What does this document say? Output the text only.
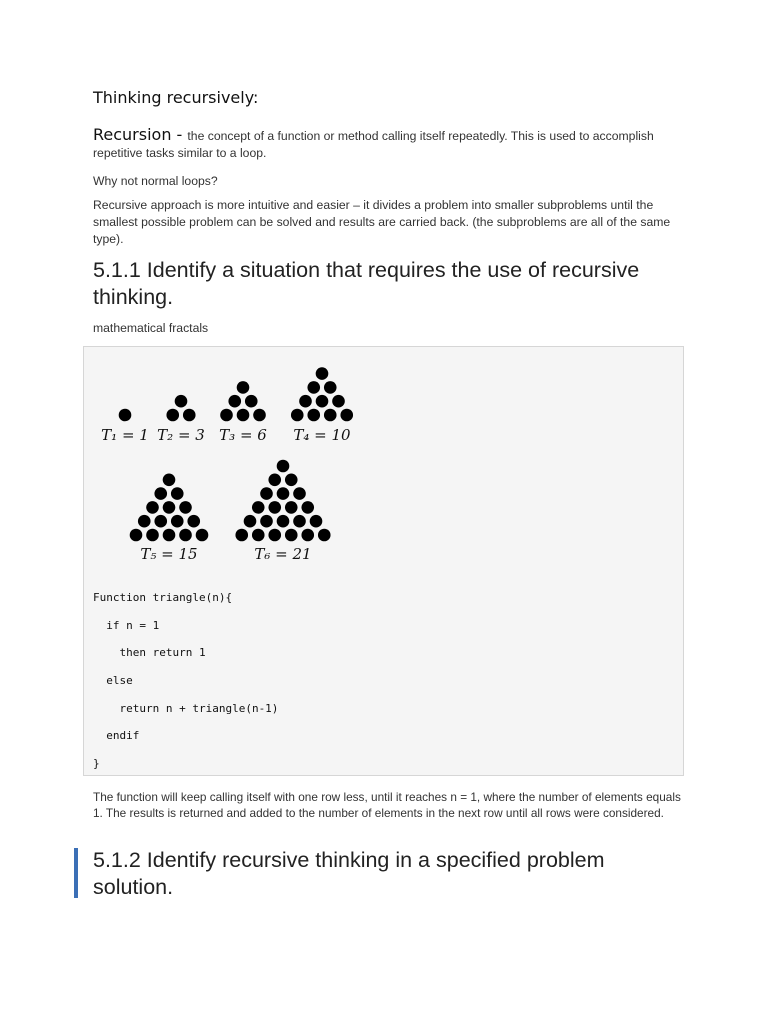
Thinking recursively:
Recursion - the concept of a function or method calling itself repeatedly. This is used to accomplish repetitive tasks similar to a loop.
Why not normal loops?
Recursive approach is more intuitive and easier – it divides a problem into smaller subproblems until the smallest possible problem can be solved and results are carried back. (the subproblems are all of the same type).
5.1.1 Identify a situation that requires the use of recursive thinking.
mathematical fractals
T₁ = 1 T₂ = 3 T₃ = 6 T₄ = 10
T₅ = 15	T₆ = 21
Function triangle(n){
if n = 1
then return 1
else
return n + triangle(n-1)
endif
}
The function will keep calling itself with one row less, until it reaches n = 1, where the number of elements equals 1. The results is returned and added to the number of elements in the next row until all rows were considered.
5.1.2 Identify recursive thinking in a specified problem solution.
